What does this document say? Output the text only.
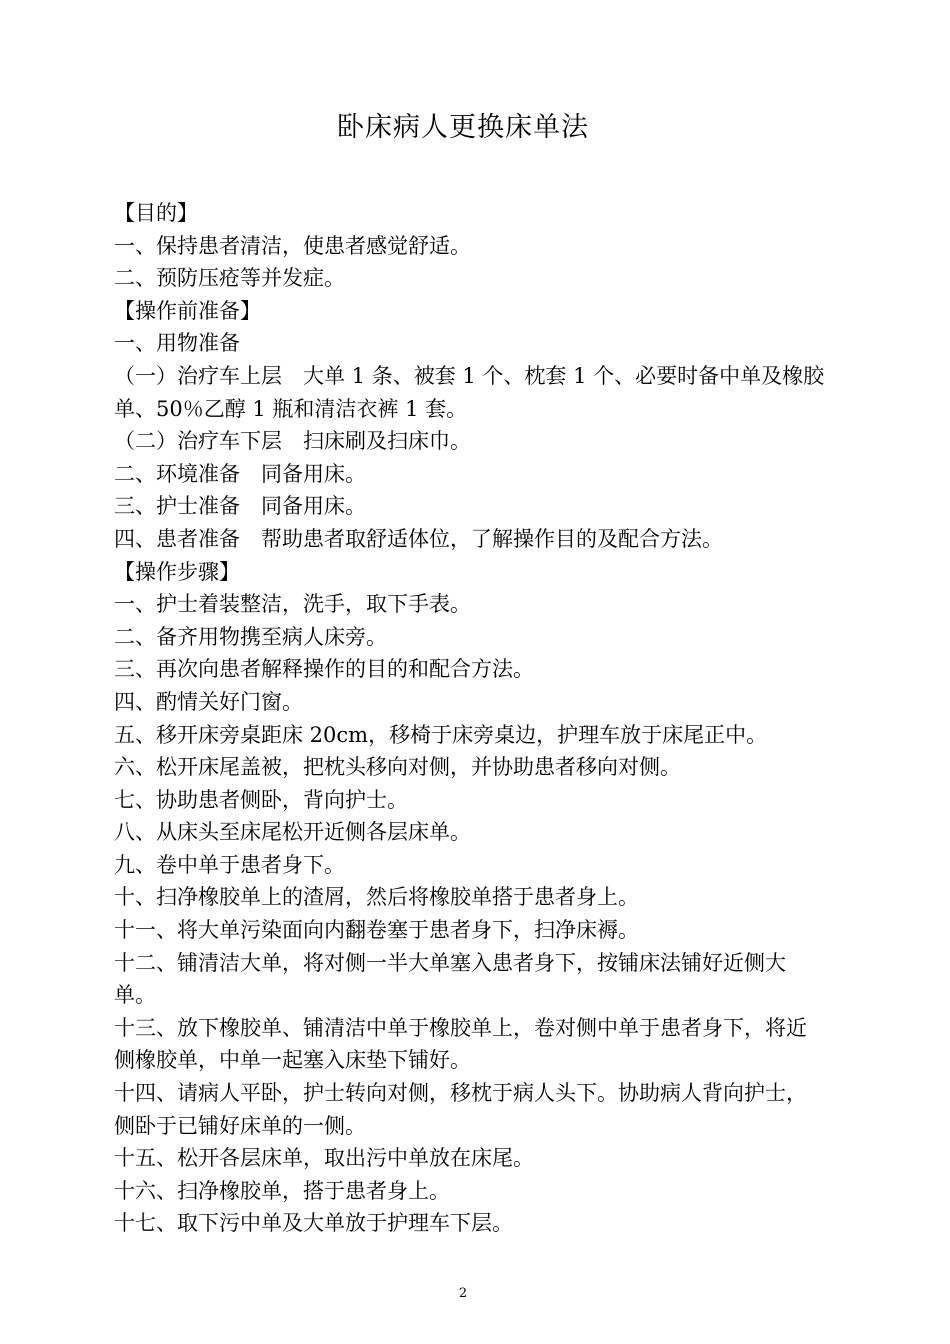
卧床病人更换床单法

【目的】

一、保持患者清洁，使患者感觉舒适。

二、预防压疮等并发症。

【操作前准备】

一、用物准备

（一）治疗车上层　大单 1 条、被套 1 个、枕套 1 个、必要时备中单及橡胶单、50％乙醇 1 瓶和清洁衣裤 1 套。

（二）治疗车下层　扫床刷及扫床巾。

二、环境准备　同备用床。

三、护士准备　同备用床。

四、患者准备　帮助患者取舒适体位，了解操作目的及配合方法。

【操作步骤】

一、护士着装整洁，洗手，取下手表。

二、备齐用物携至病人床旁。

三、再次向患者解释操作的目的和配合方法。

四、酌情关好门窗。

五、移开床旁桌距床 20cm，移椅于床旁桌边，护理车放于床尾正中。

六、松开床尾盖被，把枕头移向对侧，并协助患者移向对侧。

七、协助患者侧卧，背向护士。

八、从床头至床尾松开近侧各层床单。

九、卷中单于患者身下。

十、扫净橡胶单上的渣屑，然后将橡胶单搭于患者身上。

十一、将大单污染面向内翻卷塞于患者身下，扫净床褥。

十二、铺清洁大单，将对侧一半大单塞入患者身下，按铺床法铺好近侧大单。

十三、放下橡胶单、铺清洁中单于橡胶单上，卷对侧中单于患者身下，将近侧橡胶单，中单一起塞入床垫下铺好。

十四、请病人平卧，护士转向对侧，移枕于病人头下。协助病人背向护士，侧卧于已铺好床单的一侧。

十五、松开各层床单，取出污中单放在床尾。

十六、扫净橡胶单，搭于患者身上。

十七、取下污中单及大单放于护理车下层。

2
